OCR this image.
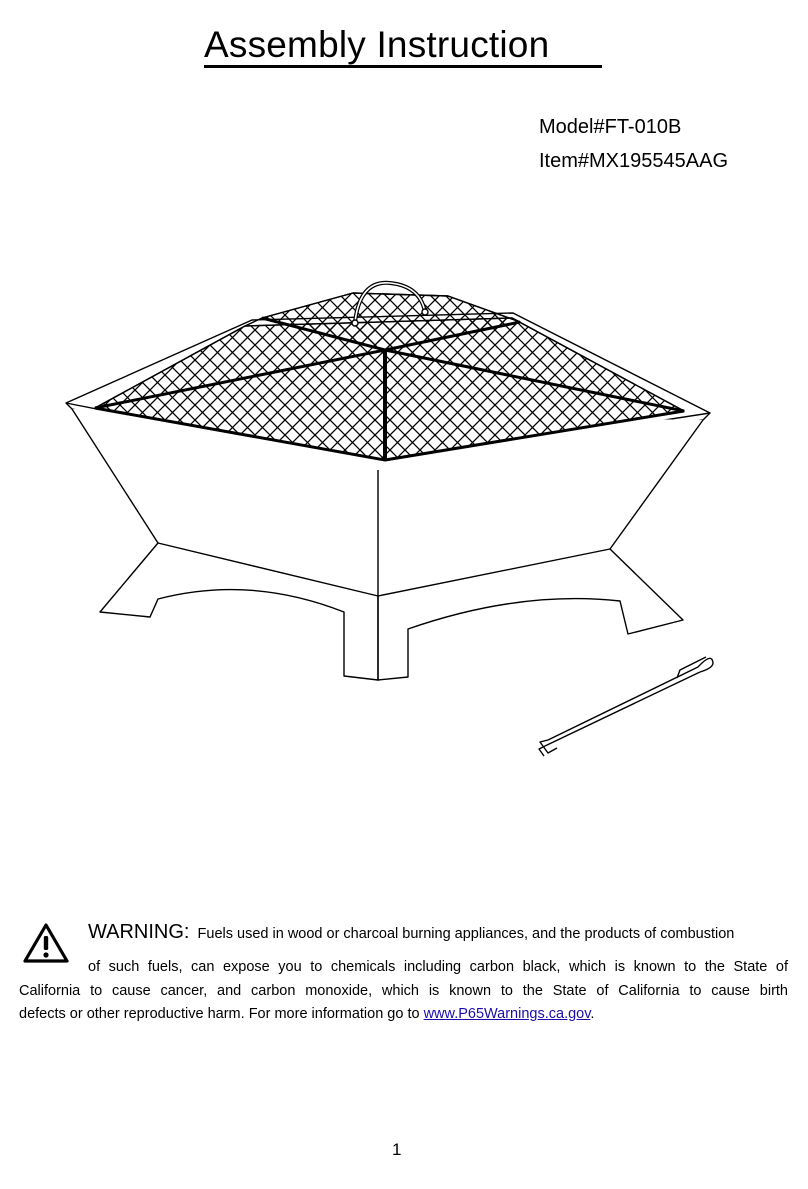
Assembly Instruction
Model#FT-010B
Item#MX195545AAG
WARNING: Fuels used in wood or charcoal burning appliances, and the products of combustion
of such fuels, can expose you to chemicals including carbon black, which is known to the State of
California to cause cancer, and carbon monoxide, which is known to the State of California to cause birth
defects or other reproductive harm. For more information go to www.P65Warnings.ca.gov.
1
